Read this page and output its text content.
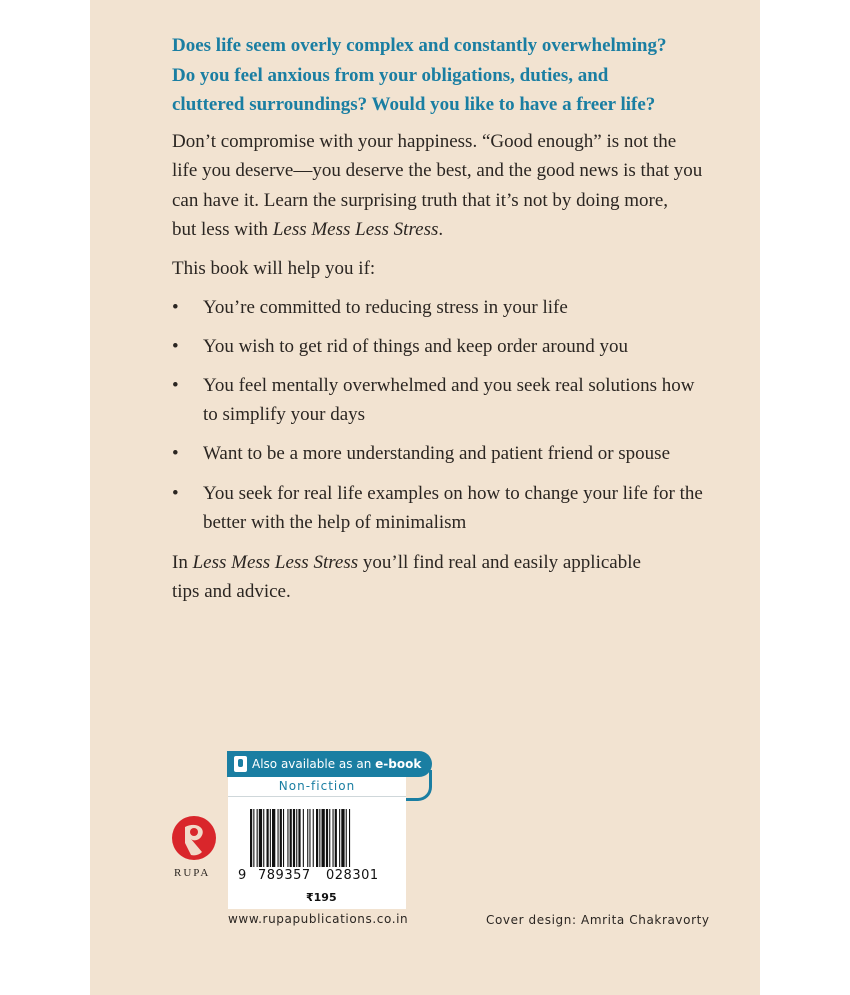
Does life seem overly complex and constantly overwhelming?
Do you feel anxious from your obligations, duties, and
cluttered surroundings? Would you like to have a freer life?
Don’t compromise with your happiness. “Good enough” is not the
life you deserve—you deserve the best, and the good news is that you
can have it. Learn the surprising truth that it’s not by doing more,
but less with Less Mess Less Stress.
This book will help you if:
• You’re committed to reducing stress in your life
• You wish to get rid of things and keep order around you
• You feel mentally overwhelmed and you seek real solutions how
to simplify your days
• Want to be a more understanding and patient friend or spouse
• You seek for real life examples on how to change your life for the
better with the help of minimalism
In Less Mess Less Stress you’ll find real and easily applicable
tips and advice.
Also available as an e-book
Non-fiction
9 789357 028301
₹195
RUPA
www.rupapublications.co.in	Cover design: Amrita Chakravorty
